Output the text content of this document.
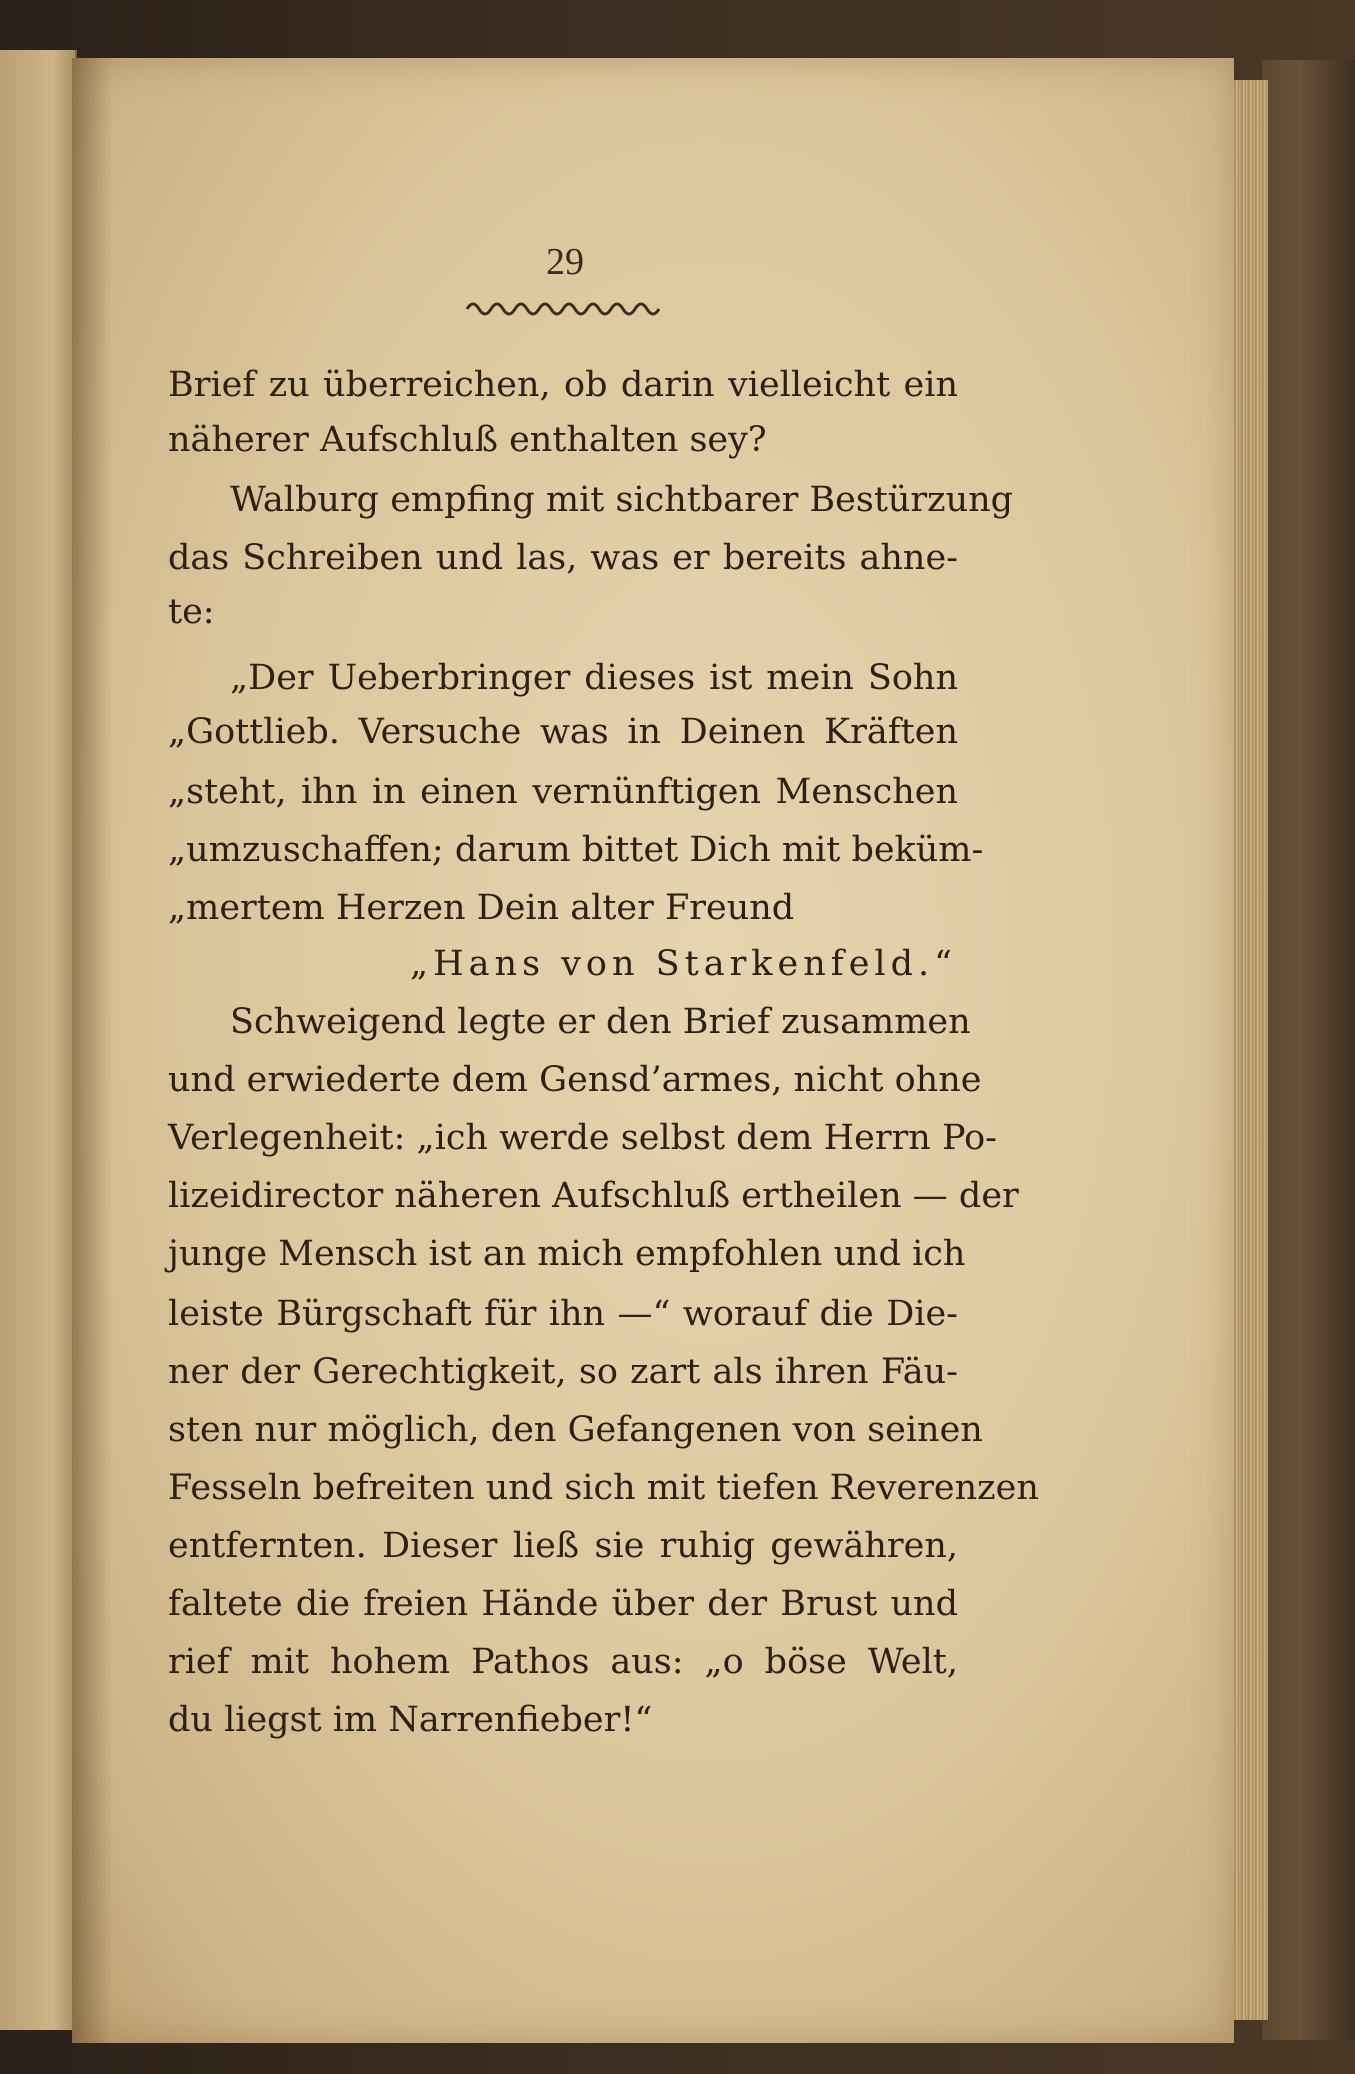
29
Brief zu überreichen, ob darin vielleicht ein
näherer Aufschluß enthalten sey?
Walburg empfing mit sichtbarer Bestürzung
das Schreiben und las, was er bereits ahne-
te:
„Der Ueberbringer dieses ist mein Sohn
„Gottlieb. Versuche was in Deinen Kräften
„steht, ihn in einen vernünftigen Menschen
„umzuschaffen; darum bittet Dich mit beküm-
„mertem Herzen Dein alter Freund
„Hans von Starkenfeld.“
Schweigend legte er den Brief zusammen
und erwiederte dem Gensd’armes, nicht ohne
Verlegenheit: „ich werde selbst dem Herrn Po-
lizeidirector näheren Aufschluß ertheilen — der
junge Mensch ist an mich empfohlen und ich
leiste Bürgschaft für ihn —“ worauf die Die-
ner der Gerechtigkeit, so zart als ihren Fäu-
sten nur möglich, den Gefangenen von seinen
Fesseln befreiten und sich mit tiefen Reverenzen
entfernten. Dieser ließ sie ruhig gewähren,
faltete die freien Hände über der Brust und
rief mit hohem Pathos aus: „o böse Welt,
du liegst im Narrenfieber!“
